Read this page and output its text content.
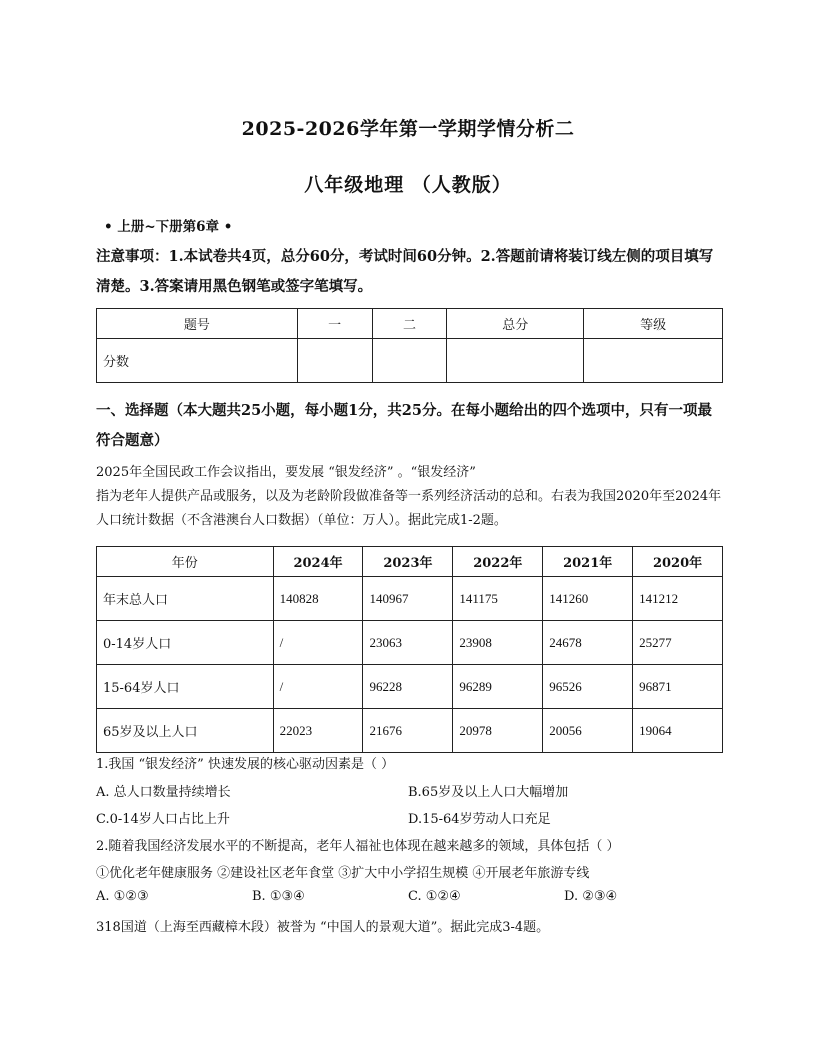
2025-2026学年第一学期学情分析二
八年级地理 （人教版）
• 上册~下册第6章 •
注意事项：1.本试卷共4页，总分60分，考试时间60分钟。2.答题前请将装订线左侧的项目填写清楚。3.答案请用黑色钢笔或签字笔填写。
题号	一	二	总分	等级
分数				
一、选择题（本大题共25小题，每小题1分，共25分。在每小题给出的四个选项中，只有一项最符合题意）
2025年全国民政工作会议指出，要发展 “银发经济” 。“银发经济”
指为老年人提供产品或服务，以及为老龄阶段做准备等一系列经济活动的总和。右表为我国2020年至2024年人口统计数据（不含港澳台人口数据）（单位：万人）。据此完成1-2题。
年份	2024年	2023年	2022年	2021年	2020年
年末总人口	140828	140967	141175	141260	141212
0-14岁人口	/	23063	23908	24678	25277
15-64岁人口	/	96228	96289	96526	96871
65岁及以上人口	22023	21676	20978	20056	19064
1.我国 “银发经济” 快速发展的核心驱动因素是（ ）
A. 总人口数量持续增长	B.65岁及以上人口大幅增加
C.0-14岁人口占比上升	D.15-64岁劳动人口充足
2.随着我国经济发展水平的不断提高，老年人福祉也体现在越来越多的领域，具体包括（ ）
①优化老年健康服务 ②建设社区老年食堂 ③扩大中小学招生规模 ④开展老年旅游专线
A. ①②③	B. ①③④	C. ①②④	D. ②③④
318国道（上海至西藏樟木段）被誉为 “中国人的景观大道”。据此完成3-4题。
